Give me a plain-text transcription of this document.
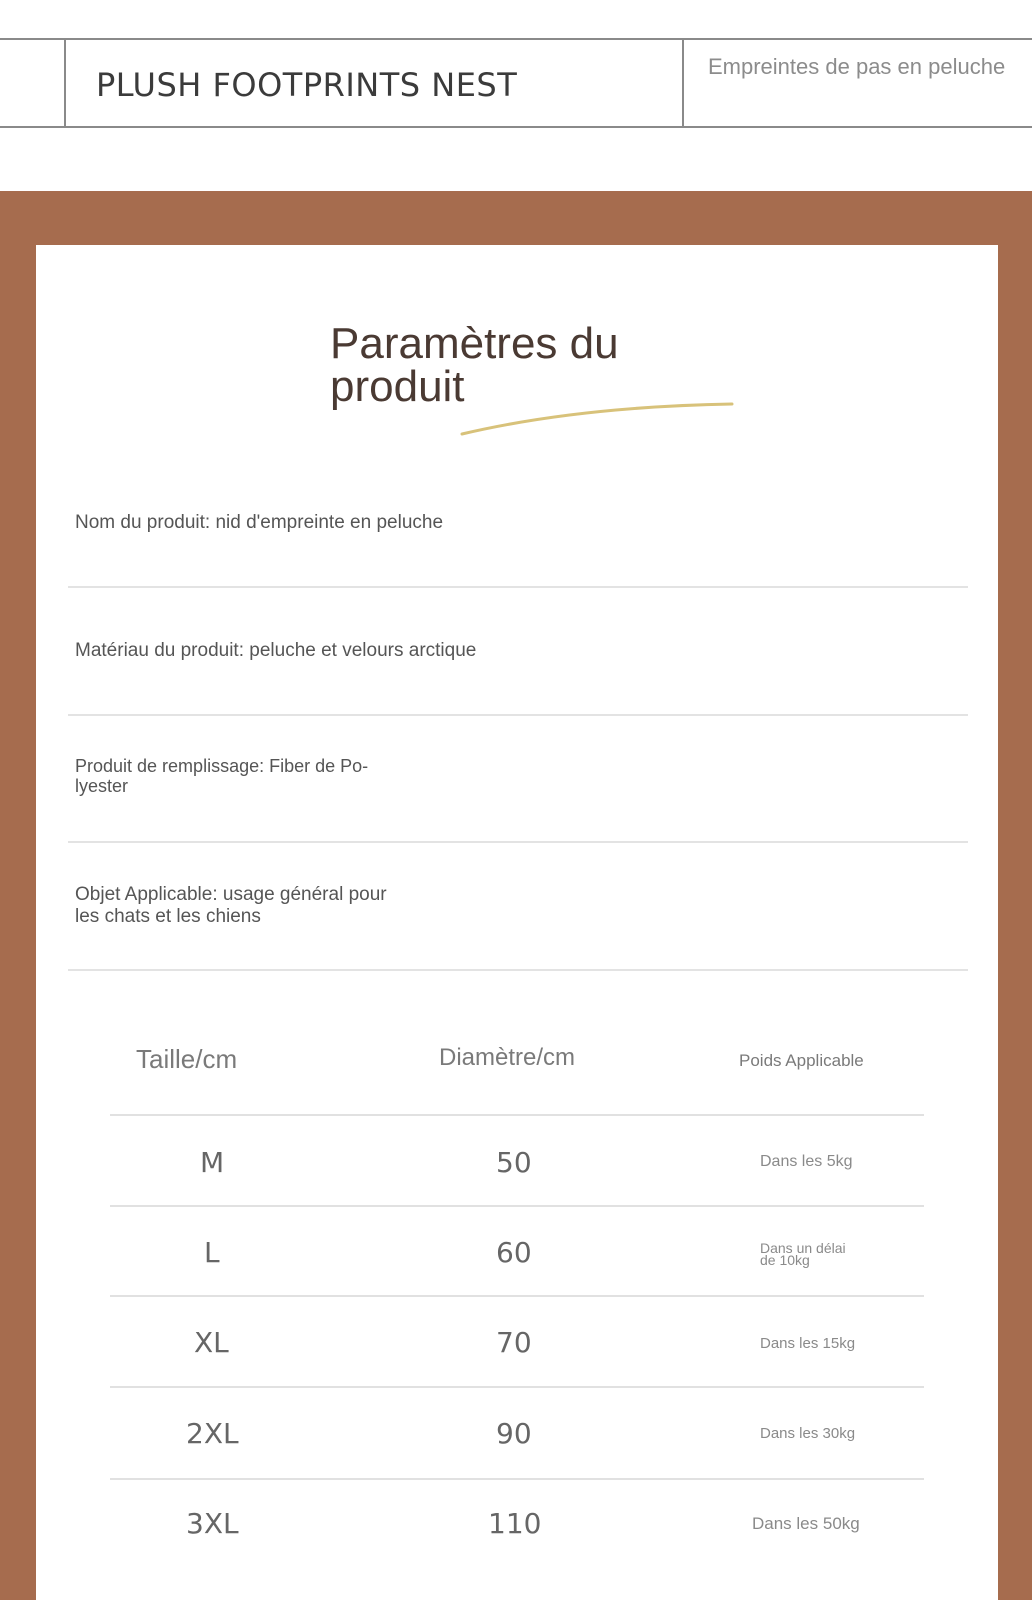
PLUSH FOOTPRINTS NEST	Empreintes de pas en peluche
Paramètres du produit
Nom du produit: nid d'empreinte en peluche
Matériau du produit: peluche et velours arctique
Produit de remplissage: Fiber de Po-
lyester
Objet Applicable: usage général pour
les chats et les chiens
Taille/cm	Diamètre/cm	Poids Applicable
M	50	Dans les 5kg
L	60	Dans un délai
de 10kg
XL	70	Dans les 15kg
2XL	90	Dans les 30kg
3XL	110	Dans les 50kg
